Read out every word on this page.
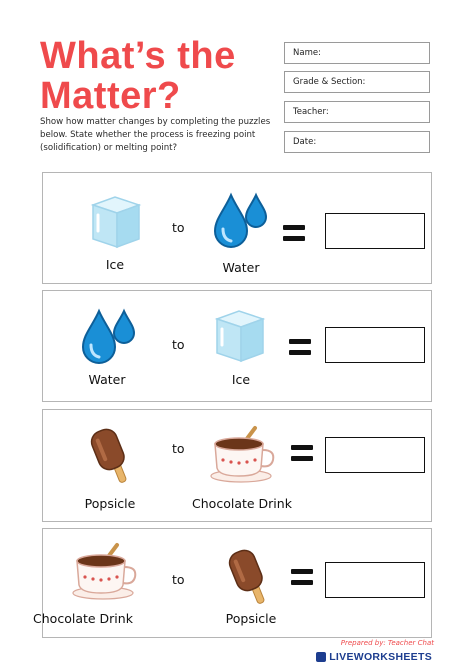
What’s the
Matter?
Show how matter changes by completing the puzzles below. State whether the process is freezing point (solidification) or melting point?
Name:
Grade & Section:
Teacher:
Date:
Ice
to
Water
Water
to
Ice
Popsicle
to
Chocolate Drink
Chocolate Drink
to
Popsicle
Prepared by: Teacher Chat
LIVEWORKSHEETS
